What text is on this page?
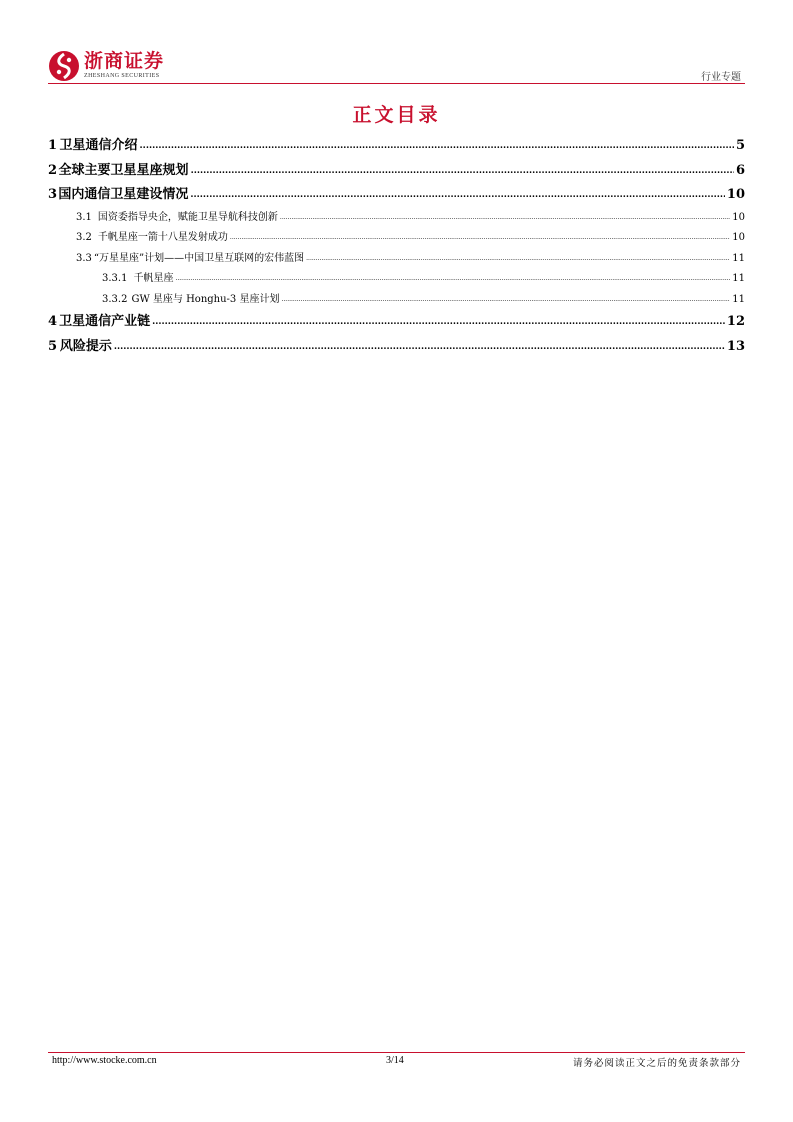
浙商证券
ZHESHANG SECURITIES	行业专题
正文目录
1 卫星通信介绍 .....	5
2 全球主要卫星星座规划 .....	6
3 国内通信卫星建设情况 .....	10
3.1 国资委指导央企，赋能卫星导航科技创新 .....	10
3.2 千帆星座一箭十八星发射成功 .....	10
3.3 “万星星座”计划——中国卫星互联网的宏伟蓝图 .....	11
3.3.1 千帆星座 .....	11
3.3.2 GW 星座与 Honghu-3 星座计划 .....	11
4 卫星通信产业链 .....	12
5 风险提示 .....	13
http://www.stocke.com.cn	3/14	请务必阅读正文之后的免责条款部分
